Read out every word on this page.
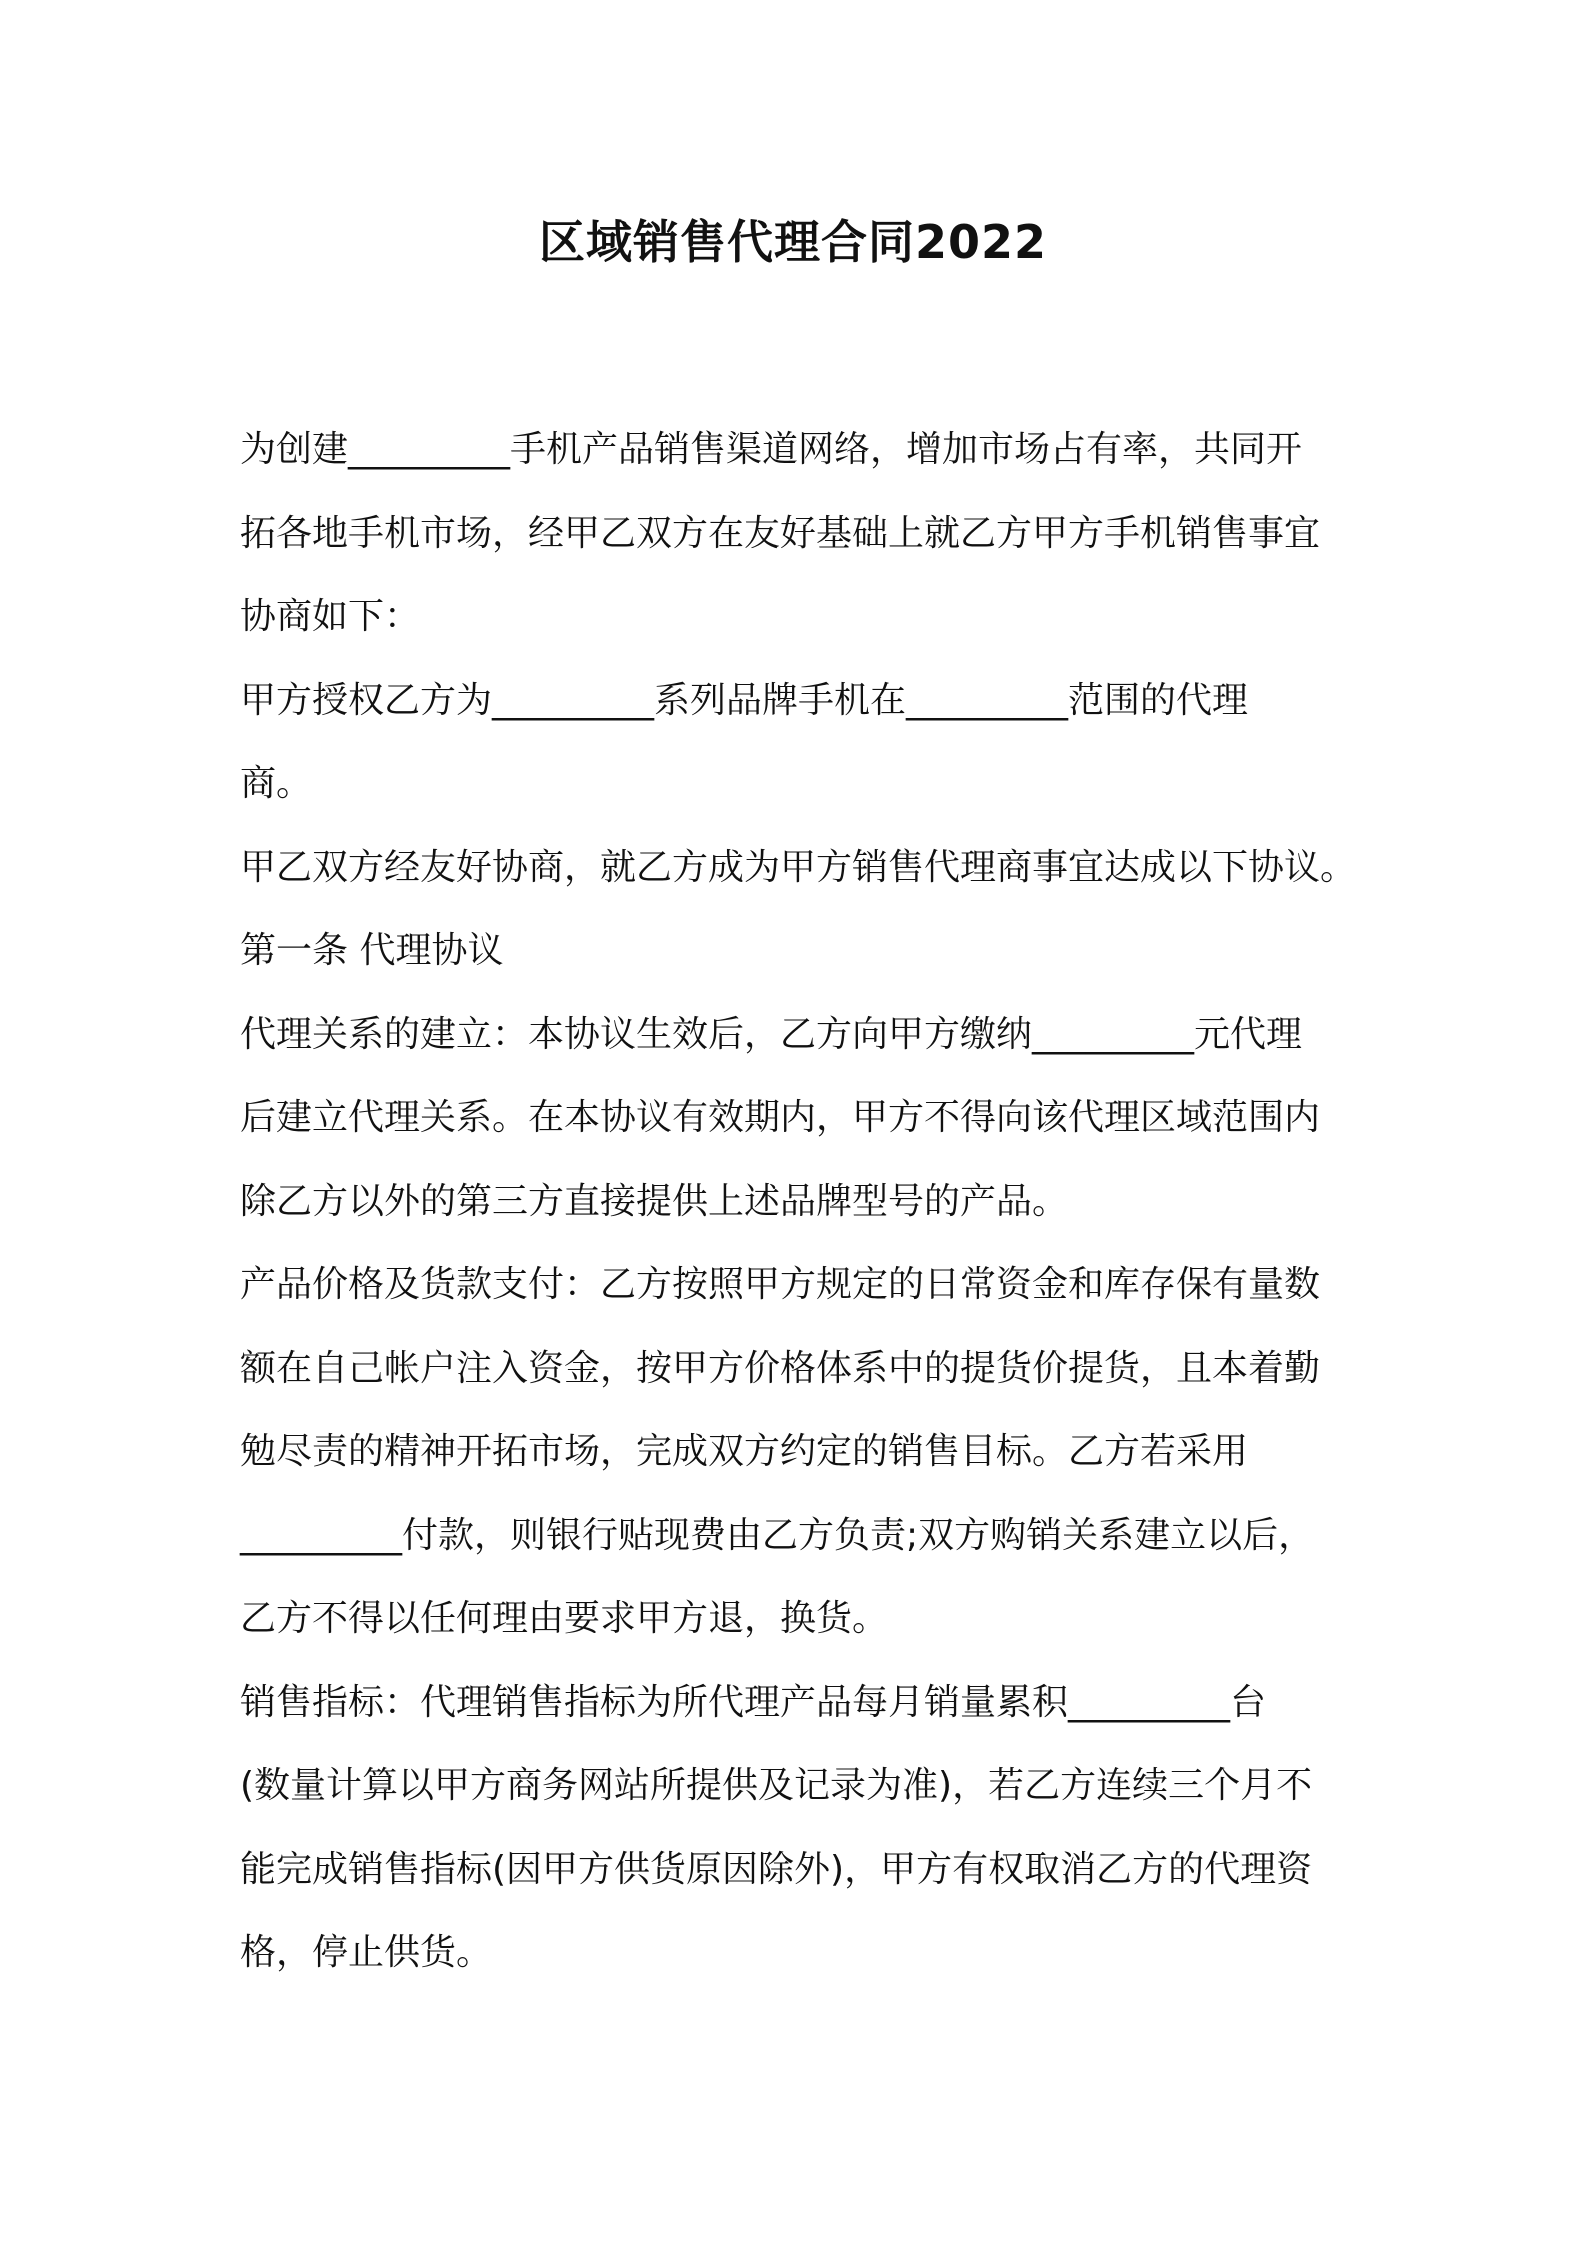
区域销售代理合同2022
为创建_________手机产品销售渠道网络，增加市场占有率，共同开
拓各地手机市场，经甲乙双方在友好基础上就乙方甲方手机销售事宜
协商如下：
甲方授权乙方为_________系列品牌手机在_________范围的代理
商。
甲乙双方经友好协商，就乙方成为甲方销售代理商事宜达成以下协议。
第一条 代理协议
代理关系的建立：本协议生效后，乙方向甲方缴纳_________元代理
后建立代理关系。在本协议有效期内，甲方不得向该代理区域范围内
除乙方以外的第三方直接提供上述品牌型号的产品。
产品价格及货款支付：乙方按照甲方规定的日常资金和库存保有量数
额在自己帐户注入资金，按甲方价格体系中的提货价提货，且本着勤
勉尽责的精神开拓市场，完成双方约定的销售目标。乙方若采用
_________付款，则银行贴现费由乙方负责;双方购销关系建立以后，
乙方不得以任何理由要求甲方退，换货。
销售指标：代理销售指标为所代理产品每月销量累积_________台
(数量计算以甲方商务网站所提供及记录为准)，若乙方连续三个月不
能完成销售指标(因甲方供货原因除外)，甲方有权取消乙方的代理资
格，停止供货。
